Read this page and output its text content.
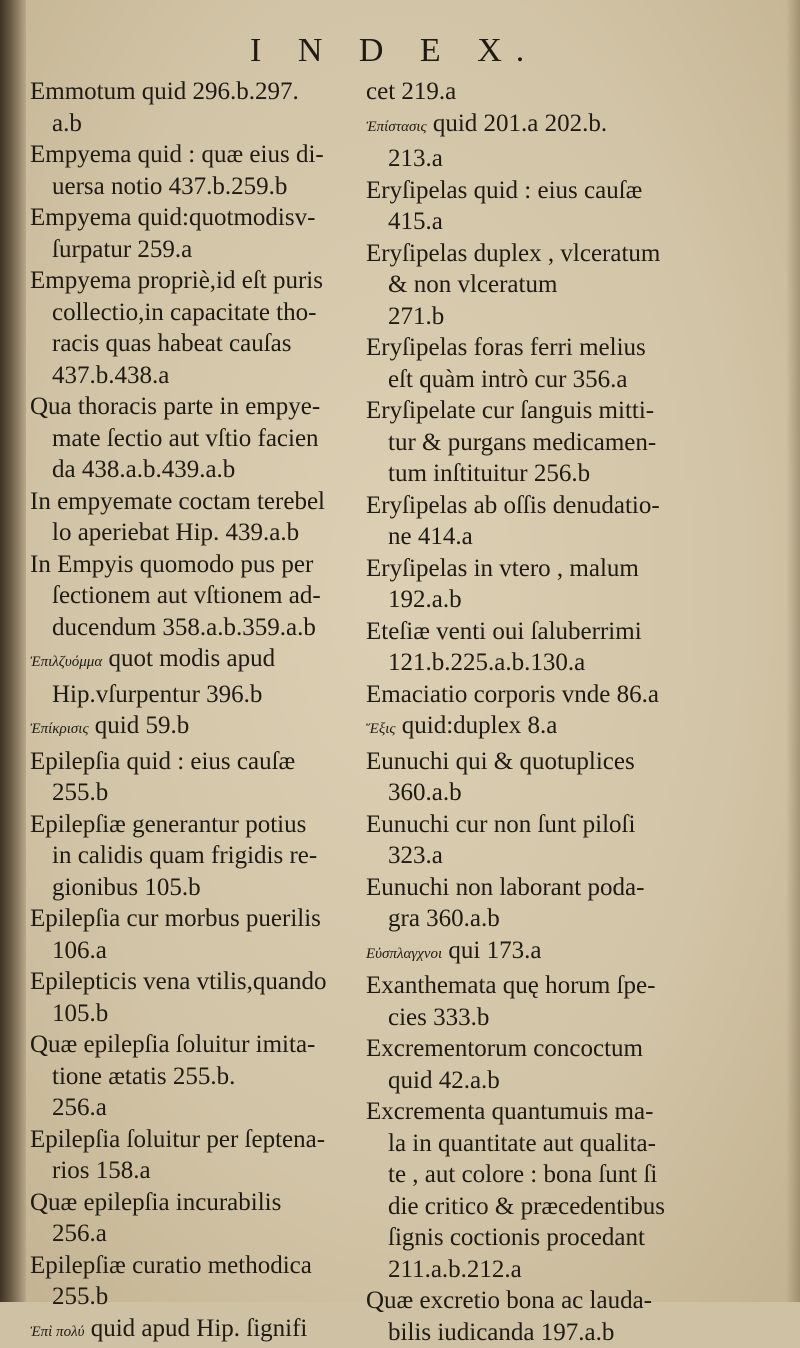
I N D E X.
Emmotum quid 296.b.297.
a.b
Empyema quid : quæ eius di-
uersa notio 437.b.259.b
Empyema quid:quotmodisv-
ſurpatur 259.a
Empyema propriè,id eſt puris
collectio,in capacitate tho-
racis quas habeat cauſas
437.b.438.a
Qua thoracis parte in empye-
mate ſectio aut vſtio facien
da 438.a.b.439.a.b
In empyemate coctam terebel
lo aperiebat Hip. 439.a.b
In Empyis quomodo pus per
ſectionem aut vſtionem ad-
ducendum 358.a.b.359.a.b
Ἐπιλζυόμμα quot modis apud
Hip.vſurpentur 396.b
Ἐπίκρισις quid 59.b
Epilepſia quid : eius cauſæ
255.b
Epilepſiæ generantur potius
in calidis quam frigidis re-
gionibus 105.b
Epilepſia cur morbus puerilis
106.a
Epilepticis vena vtilis,quando
105.b
Quæ epilepſia ſoluitur imita-
tione ætatis 255.b.
256.a
Epilepſia ſoluitur per ſeptena-
rios 158.a
Quæ epilepſia incurabilis
256.a
Epilepſiæ curatio methodica
255.b
Ἐπὶ πολύ quid apud Hip. ſignifi
cet 219.a
Ἐπίστασις quid 201.a 202.b.
213.a
Eryſipelas quid : eius cauſæ
415.a
Eryſipelas duplex , vlceratum
& non vlceratum
271.b
Eryſipelas foras ferri melius
eſt quàm intrò cur 356.a
Eryſipelate cur ſanguis mitti-
tur & purgans medicamen-
tum inſtituitur 256.b
Eryſipelas ab oſſis denudatio-
ne 414.a
Eryſipelas in vtero , malum
192.a.b
Eteſiæ venti oui ſaluberrimi
121.b.225.a.b.130.a
Emaciatio corporis vnde 86.a
Ἕξις quid:duplex 8.a
Eunuchi qui & quotuplices
360.a.b
Eunuchi cur non ſunt piloſi
323.a
Eunuchi non laborant poda-
gra 360.a.b
Εὐσπλαγχνοι qui 173.a
Exanthemata quę horum ſpe-
cies 333.b
Excrementorum concoctum
quid 42.a.b
Excrementa quantumuis ma-
la in quantitate aut qualita-
te , aut colore : bona ſunt ſi
die critico & præcedentibus
ſignis coctionis procedant
211.a.b.212.a
Quæ excretio bona ac lauda-
bilis iudicanda 197.a.b
